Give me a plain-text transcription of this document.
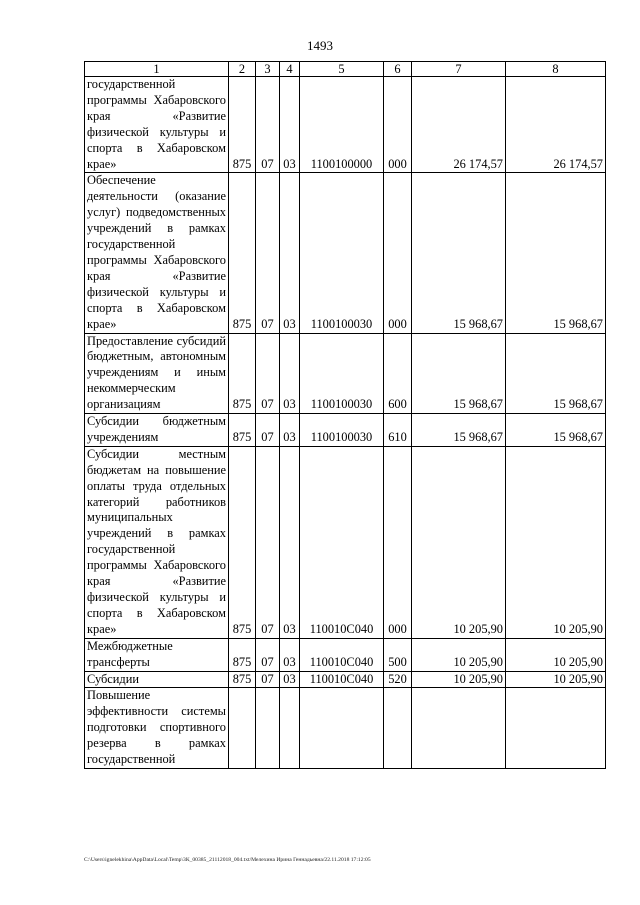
1493
1	2	3	4	5	6	7	8
государственной программы Хабаровского края «Развитие физической культуры и спорта в Хабаровском крае»	875	07	03	1100100000	000	26 174,57	26 174,57
Обеспечение деятельности (оказание услуг) подведомственных учреждений в рамках государственной программы Хабаровского края «Развитие физической культуры и спорта в Хабаровском крае»	875	07	03	1100100030	000	15 968,67	15 968,67
Предоставление субсидий бюджетным, автономным учреждениям и иным некоммерческим организациям	875	07	03	1100100030	600	15 968,67	15 968,67
Субсидии бюджетным учреждениям	875	07	03	1100100030	610	15 968,67	15 968,67
Субсидии местным бюджетам на повышение оплаты труда отдельных категорий работников муниципальных учреждений в рамках государственной программы Хабаровского края «Развитие физической культуры и спорта в Хабаровском крае»	875	07	03	110010С040	000	10 205,90	10 205,90
Межбюджетные трансферты	875	07	03	110010С040	500	10 205,90	10 205,90
Субсидии	875	07	03	110010С040	520	10 205,90	10 205,90
Повышение эффективности системы подготовки спортивного резерва в рамках государственной							
C:\Users\ignelekhina\AppData\Local\Temp\3К_00385_21112018_004.txt/Мелехина Ирина Геннадьевна/22.11.2018 17:12:05
